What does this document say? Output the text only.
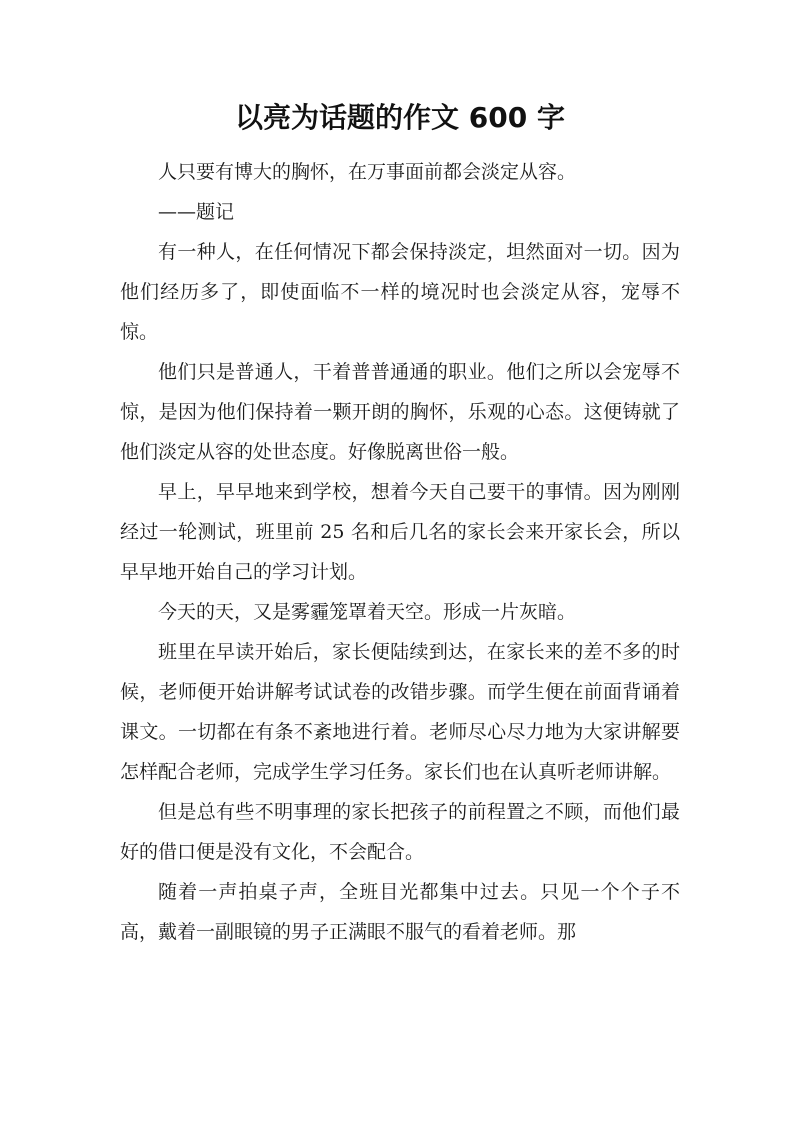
以亮为话题的作文 600 字

人只要有博大的胸怀，在万事面前都会淡定从容。

——题记

有一种人，在任何情况下都会保持淡定，坦然面对一切。因为他们经历多了，即使面临不一样的境况时也会淡定从容，宠辱不惊。

他们只是普通人，干着普普通通的职业。他们之所以会宠辱不惊，是因为他们保持着一颗开朗的胸怀，乐观的心态。这便铸就了他们淡定从容的处世态度。好像脱离世俗一般。

早上，早早地来到学校，想着今天自己要干的事情。因为刚刚经过一轮测试，班里前 25 名和后几名的家长会来开家长会，所以早早地开始自己的学习计划。

今天的天，又是雾霾笼罩着天空。形成一片灰暗。

班里在早读开始后，家长便陆续到达，在家长来的差不多的时候，老师便开始讲解考试试卷的改错步骤。而学生便在前面背诵着课文。一切都在有条不紊地进行着。老师尽心尽力地为大家讲解要怎样配合老师，完成学生学习任务。家长们也在认真听老师讲解。

但是总有些不明事理的家长把孩子的前程置之不顾，而他们最好的借口便是没有文化，不会配合。

随着一声拍桌子声，全班目光都集中过去。只见一个个子不高，戴着一副眼镜的男子正满眼不服气的看着老师。那
